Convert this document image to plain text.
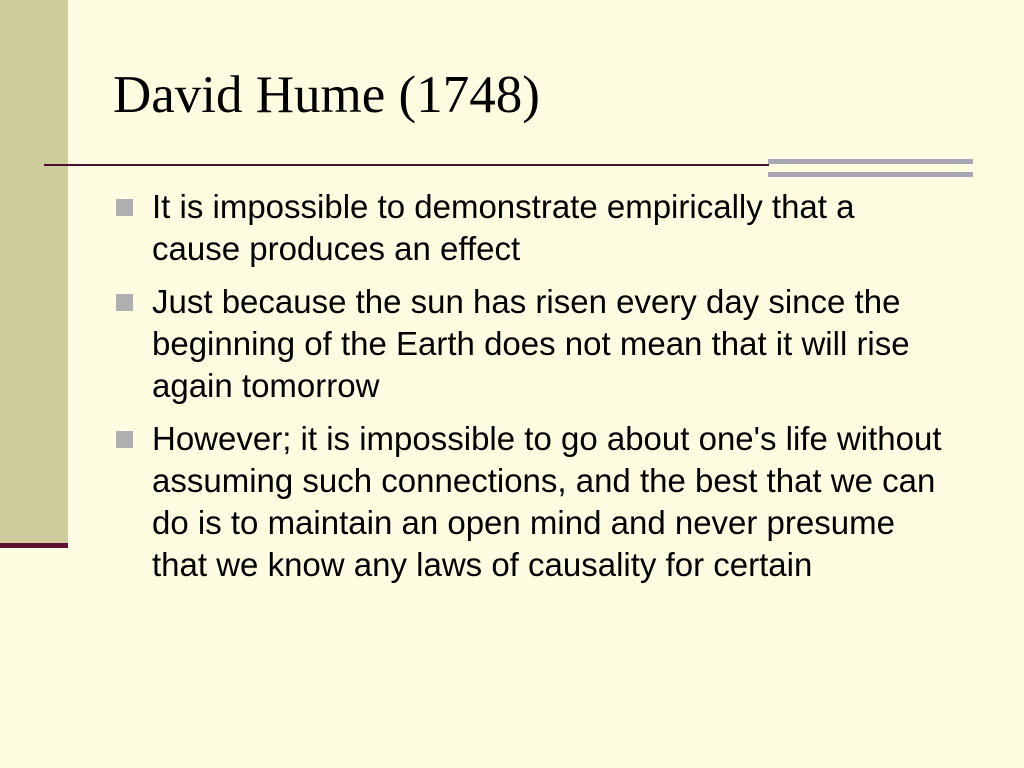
David Hume (1748)
It is impossible to demonstrate empirically that a cause produces an effect
Just because the sun has risen every day since the beginning of the Earth does not mean that it will rise again tomorrow
However; it is impossible to go about one's life without assuming such connections, and the best that we can do is to maintain an open mind and never presume that we know any laws of causality for certain
